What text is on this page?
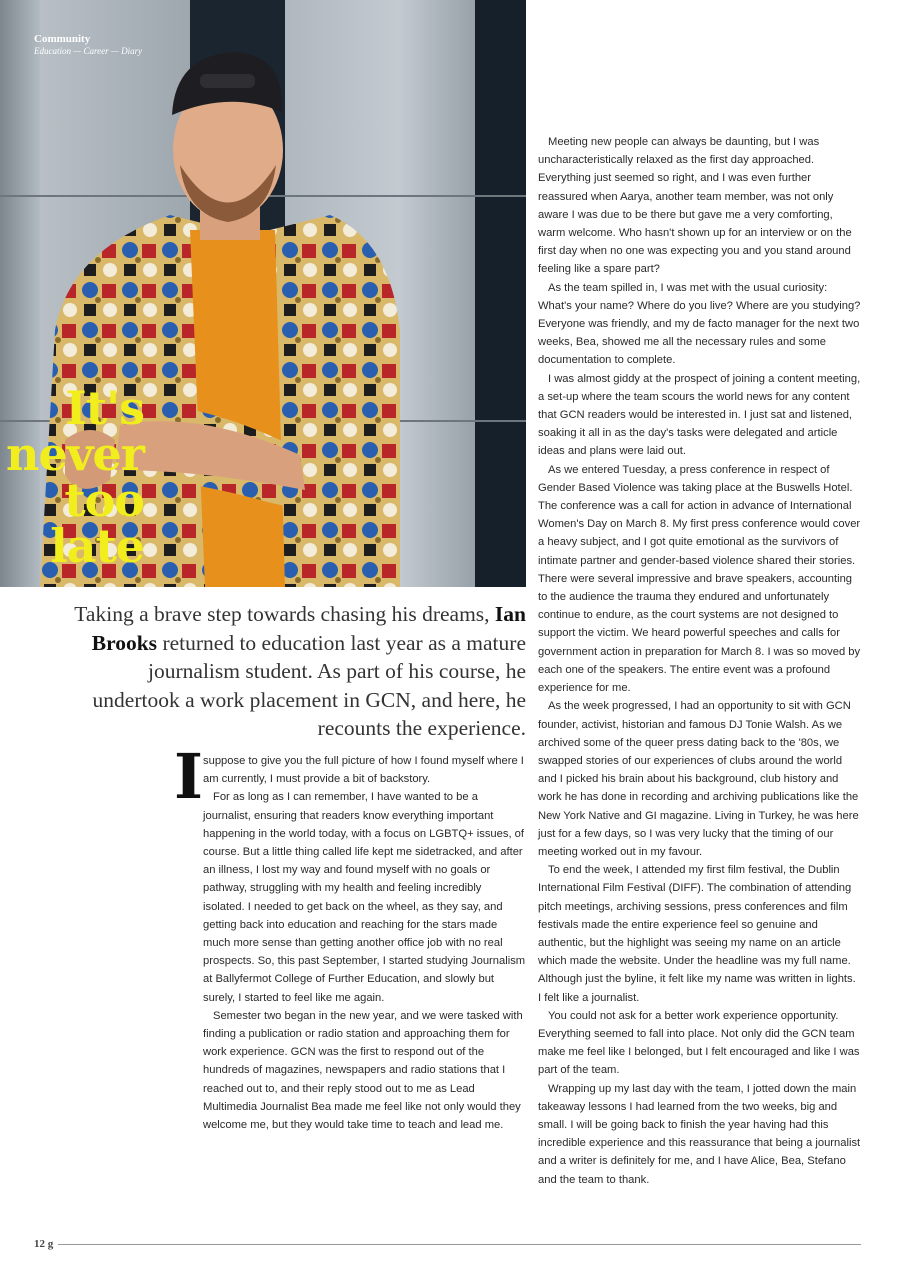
Community
Education — Career — Diary
It's
never
too
late
Taking a brave step towards chasing his dreams, Ian Brooks returned to education last year as a mature journalism student. As part of his course, he undertook a work placement in GCN, and here, he recounts the experience.
I suppose to give you the full picture of how I found myself where I am currently, I must provide a bit of backstory.

For as long as I can remember, I have wanted to be a journalist, ensuring that readers know everything important happening in the world today, with a focus on LGBTQ+ issues, of course. But a little thing called life kept me sidetracked, and after an illness, I lost my way and found myself with no goals or pathway, struggling with my health and feeling incredibly isolated. I needed to get back on the wheel, as they say, and getting back into education and reaching for the stars made much more sense than getting another office job with no real prospects. So, this past September, I started studying Journalism at Ballyfermot College of Further Education, and slowly but surely, I started to feel like me again.

Semester two began in the new year, and we were tasked with finding a publication or radio station and approaching them for work experience. GCN was the first to respond out of the hundreds of magazines, newspapers and radio stations that I reached out to, and their reply stood out to me as Lead Multimedia Journalist Bea made me feel like not only would they welcome me, but they would take time to teach and lead me.

Meeting new people can always be daunting, but I was uncharacteristically relaxed as the first day approached. Everything just seemed so right, and I was even further reassured when Aarya, another team member, was not only aware I was due to be there but gave me a very comforting, warm welcome. Who hasn't shown up for an interview or on the first day when no one was expecting you and you stand around feeling like a spare part?

As the team spilled in, I was met with the usual curiosity: What's your name? Where do you live? Where are you studying? Everyone was friendly, and my de facto manager for the next two weeks, Bea, showed me all the necessary rules and some documentation to complete.

I was almost giddy at the prospect of joining a content meeting, a set-up where the team scours the world news for any content that GCN readers would be interested in. I just sat and listened, soaking it all in as the day's tasks were delegated and article ideas and plans were laid out.

As we entered Tuesday, a press conference in respect of Gender Based Violence was taking place at the Buswells Hotel. The conference was a call for action in advance of International Women's Day on March 8. My first press conference would cover a heavy subject, and I got quite emotional as the survivors of intimate partner and gender-based violence shared their stories. There were several impressive and brave speakers, accounting to the audience the trauma they endured and unfortunately continue to endure, as the court systems are not designed to support the victim. We heard powerful speeches and calls for government action in preparation for March 8. I was so moved by each one of the speakers. The entire event was a profound experience for me.

As the week progressed, I had an opportunity to sit with GCN founder, activist, historian and famous DJ Tonie Walsh. As we archived some of the queer press dating back to the '80s, we swapped stories of our experiences of clubs around the world and I picked his brain about his background, club history and work he has done in recording and archiving publications like the New York Native and GI magazine. Living in Turkey, he was here just for a few days, so I was very lucky that the timing of our meeting worked out in my favour.

To end the week, I attended my first film festival, the Dublin International Film Festival (DIFF). The combination of attending pitch meetings, archiving sessions, press conferences and film festivals made the entire experience feel so genuine and authentic, but the highlight was seeing my name on an article which made the website. Under the headline was my full name. Although just the byline, it felt like my name was written in lights. I felt like a journalist.

You could not ask for a better work experience opportunity. Everything seemed to fall into place. Not only did the GCN team make me feel like I belonged, but I felt encouraged and like I was part of the team.

Wrapping up my last day with the team, I jotted down the main takeaway lessons I had learned from the two weeks, big and small. I will be going back to finish the year having had this incredible experience and this reassurance that being a journalist and a writer is definitely for me, and I have Alice, Bea, Stefano and the team to thank.

12 g
